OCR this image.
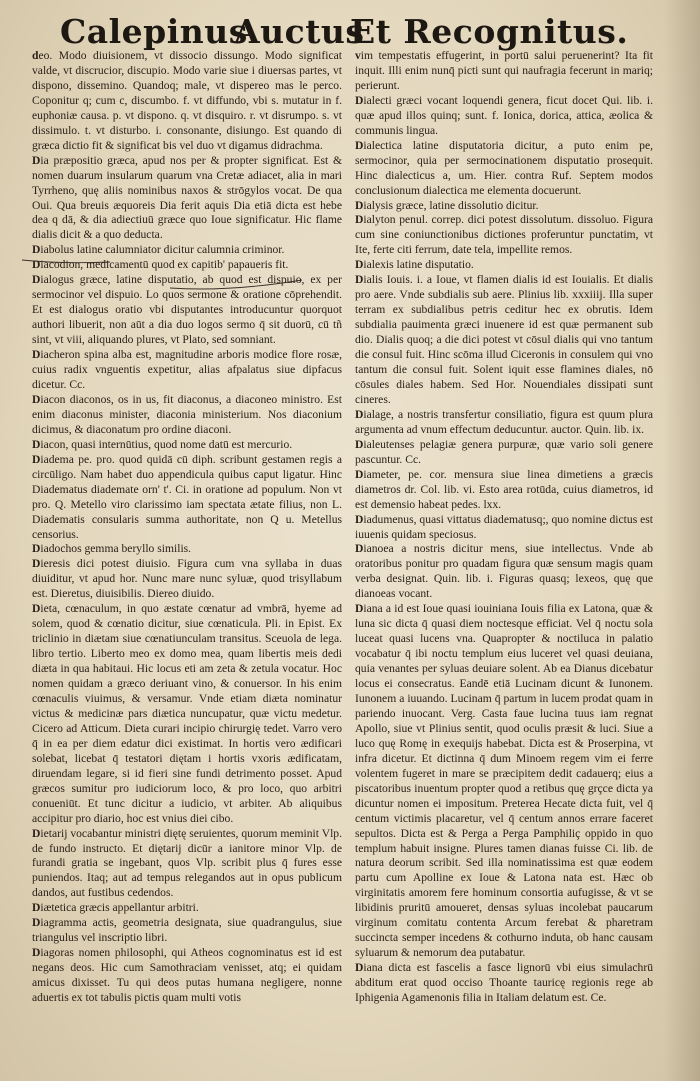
Calepinus
Auctus
Et Recognitus.

deo. Modo diuisionem, vt dissocio dissungo. Modo significat valde, vt discrucior, discupio. Modo varie siue i diuersas partes, vt dispono, dissemino. Quandoq; male, vt dispereo mas le perco. Coponitur q; cum c, discumbo. f. vt diffundo, vbi s. mutatur in f. euphoniæ causa. p. vt dispono. q. vt disquiro. r. vt disrumpo. s. vt dissimulo. t. vt disturbo. i. consonante, disiungo. Est quando di græca dictio fit & significat bis vel duo vt digamus didrachma.

Dia præpositio græca, apud nos per & propter significat. Est & nomen duarum insularum quarum vna Cretæ adiacet, alia in mari Tyrrheno, quę aliis nominibus naxos & strōgylos vocat. De qua Oui. Qua breuis æquoreis Dia ferit aquis Dia etiā dicta est hebe dea q dā, & dia adiectiuū græce quo Ioue significatur. Hic flame dialis dicit & a quo deducta.

Diabolus latine calumniator dicitur calumnia criminor.

Diacodion, medicamentū quod ex capitib' papaueris fit.

Dialogus græce, latine disputatio, ab quod est dispuio, ex per sermocinor vel dispuio. Lo quos sermone & oratione cōprehendit. Et est dialogus oratio vbi disputantes introducuntur quorquot authori libuerit, non aūt a dia duo logos sermo q̄ sit duorū, cū tñ sint, vt viii, aliquando plures, vt Plato, sed somniant.

Diacheron spina alba est, magnitudine arboris modice flore rosæ, cuius radix vnguentis expetitur, alias afpalatus siue dipfacus dicetur. Cc.

Diacon diaconos, os in us, fit diaconus, a diaconeo ministro. Est enim diaconus minister, diaconia ministerium. Nos diaconium dicimus, & diaconatum pro ordine diaconi.

Diacon, quasi internūtius, quod nome datū est mercurio.

Diadema pe. pro. quod quidā cū diph. scribunt gestamen regis a circūligo. Nam habet duo appendicula quibus caput ligatur. Hinc Diadematus diademate orn' t'. Ci. in oratione ad populum. Non vt pro. Q. Metello viro clarissimo iam spectata ætate filius, non L. Diadematis consularis summa authoritate, non Q u. Metellus censorius.

Diadochos gemma beryllo similis.

Dieresis dici potest diuisio. Figura cum vna syllaba in duas diuiditur, vt apud hor. Nunc mare nunc syluæ, quod trisyllabum est. Dieretus, diuisibilis. Diereo diuido.

Dieta, cœnaculum, in quo æstate cœnatur ad vmbrā, hyeme ad solem, quod & cœnatio dicitur, siue cœnaticula. Pli. in Epist. Ex triclinio in diætam siue cœnatiunculam transitus. Sceuola de lega. libro tertio. Liberto meo ex domo mea, quam libertis meis dedi diæta in qua habitaui. Hic locus eti am zeta & zetula vocatur. Hoc nomen quidam a græco deriuant vino, & conuersor. In his enim cœnaculis viuimus, & versamur. Vnde etiam diæta nominatur victus & medicinæ pars diætica nuncupatur, quæ victu medetur. Cicero ad Atticum. Dieta curari incipio chirurgię tedet. Varro vero q̄ in ea per diem edatur dici existimat. In hortis vero ædificari solebat, licebat q̄ testatori diętam i hortis vxoris ædificatam, diruendam legare, si id fieri sine fundi detrimento posset. Apud græcos sumitur pro iudiciorum loco, & pro loco, quo arbitri conueniūt. Et tunc dicitur a iudicio, vt arbiter. Ab aliquibus accipitur pro diario, hoc est vnius diei cibo.

Dietarij vocabantur ministri diętę seruientes, quorum meminit Vlp. de fundo instructo. Et diętarij dicūr a ianitore minor Vlp. de furandi gratia se ingebant, quos Vlp. scribit plus q̄ fures esse puniendos. Itaq; aut ad tempus relegandos aut in opus publicum dandos, aut fustibus cedendos.

Diætetica græcis appellantur arbitri.

Diagramma actis, geometria designata, siue quadrangulus, siue triangulus vel inscriptio libri.

Diagoras nomen philosophi, qui Atheos cognominatus est id est negans deos. Hic cum Samothraciam venisset, atq; ei quidam amicus dixisset. Tu qui deos putas humana negligere, nonne aduertis ex tot tabulis pictis quam multi votis

vim tempestatis effugerint, in portū salui peruenerint? Ita fit inquit. Illi enim nunq̄ picti sunt qui naufragia fecerunt in mariq; perierunt.

Dialecti græci vocant loquendi genera, ficut docet Qui. lib. i. quæ apud illos quinq; sunt. f. Ionica, dorica, attica, æolica & communis lingua.

Dialectica latine disputatoria dicitur, a puto enim pe, sermocinor, quia per sermocinationem disputatio prosequit. Hinc dialecticus a, um. Hier. contra Ruf. Septem modos conclusionum dialectica me elementa docuerunt.

Dialysis græce, latine dissolutio dicitur.

Dialyton penul. correp. dici potest dissolutum. dissoluo. Figura cum sine coniunctionibus dictiones proferuntur punctatim, vt Ite, ferte citi ferrum, date tela, impellite remos.

Dialexis latine disputatio.

Dialis Iouis. i. a Ioue, vt flamen dialis id est Iouialis. Et dialis pro aere. Vnde subdialis sub aere. Plinius lib. xxxiiij. Illa super terram ex subdialibus petris ceditur hec ex obrutis. Idem subdialia pauimenta græci inuenere id est quæ permanent sub dio. Dialis quoq; a die dici potest vt cōsul dialis qui vno tantum die consul fuit. Hinc scōma illud Ciceronis in consulem qui vno tantum die consul fuit. Solent iquit esse flamines diales, nō cōsules diales habem. Sed Hor. Nouendiales dissipati sunt cineres.

Dialage, a nostris transfertur consiliatio, figura est quum plura argumenta ad vnum effectum deducuntur. auctor. Quin. lib. ix.

Dialeutenses pelagiæ genera purpuræ, quæ vario soli genere pascuntur. Cc.

Diameter, pe. cor. mensura siue linea dimetiens a græcis diametros dr. Col. lib. vi. Esto area rotūda, cuius diametros, id est demensio habeat pedes. lxx.

Diadumenus, quasi vittatus diadematusq;, quo nomine dictus est iuuenis quidam speciosus.

Dianoea a nostris dicitur mens, siue intellectus. Vnde ab oratoribus ponitur pro quadam figura quæ sensum magis quam verba designat. Quin. lib. i. Figuras quasq; lexeos, quę que dianoeas vocant.

Diana a id est Ioue quasi iouiniana Iouis filia ex Latona, quæ & luna sic dicta q̄ quasi diem noctesque efficiat. Vel q̄ noctu sola luceat quasi lucens vna. Quapropter & noctiluca in palatio vocabatur q̄ ibi noctu templum eius luceret vel quasi deuiana, quia venantes per syluas deuiare solent. Ab ea Dianus dicebatur locus ei consecratus. Eandē etiā Lucinam dicunt & Iunonem. Iunonem a iuuando. Lucinam q̄ partum in lucem prodat quam in pariendo inuocant. Verg. Casta faue lucina tuus iam regnat Apollo, siue vt Plinius sentit, quod oculis præsit & luci. Siue a luco quę Romę in exequijs habebat. Dicta est & Proserpina, vt infra dicetur. Et dictinna q̄ dum Minoem regem vim ei ferre volentem fugeret in mare se præcipitem dedit cadauerq; eius a piscatoribus inuentum propter quod a retibus quę grçce dicta ya dicuntur nomen ei impositum. Preterea Hecate dicta fuit, vel q̄ centum victimis placaretur, vel q̄ centum annos errare faceret sepultos. Dicta est & Perga a Perga Pamphiliç oppido in quo templum habuit insigne. Plures tamen dianas fuisse Ci. lib. de natura deorum scribit. Sed illa nominatissima est quæ eodem partu cum Apolline ex Ioue & Latona nata est. Hæc ob virginitatis amorem fere hominum consortia aufugisse, & vt se libidinis pruritū amoueret, densas syluas incolebat paucarum virginum comitatu contenta Arcum ferebat & pharetram succincta semper incedens & cothurno induta, ob hanc causam syluarum & nemorum dea putabatur.

Diana dicta est fascelis a fasce lignorū vbi eius simulachrū abditum erat quod occiso Thoante tauricę regionis rege ab Iphigenia Agamenonis filia in Italiam delatum est. Ce.
